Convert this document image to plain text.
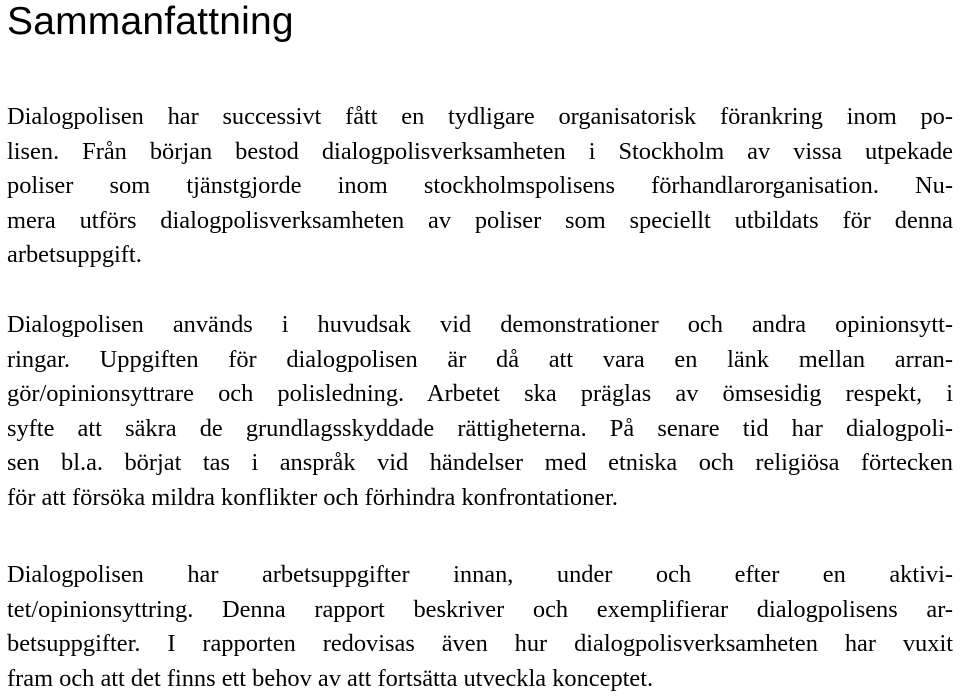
Sammanfattning

Dialogpolisen har successivt fått en tydligare organisatorisk förankring inom po-
lisen. Från början bestod dialogpolisverksamheten i Stockholm av vissa utpekade
poliser som tjänstgjorde inom stockholmspolisens förhandlarorganisation. Nu-
mera utförs dialogpolisverksamheten av poliser som speciellt utbildats för denna
arbetsuppgift.

Dialogpolisen används i huvudsak vid demonstrationer och andra opinionsytt-
ringar. Uppgiften för dialogpolisen är då att vara en länk mellan arran-
gör/opinionsyttrare och polisledning. Arbetet ska präglas av ömsesidig respekt, i
syfte att säkra de grundlagsskyddade rättigheterna. På senare tid har dialogpoli-
sen bl.a. börjat tas i anspråk vid händelser med etniska och religiösa förtecken
för att försöka mildra konflikter och förhindra konfrontationer.

Dialogpolisen har arbetsuppgifter innan, under och efter en aktivi-
tet/opinionsyttring. Denna rapport beskriver och exemplifierar dialogpolisens ar-
betsuppgifter. I rapporten redovisas även hur dialogpolisverksamheten har vuxit
fram och att det finns ett behov av att fortsätta utveckla konceptet.
